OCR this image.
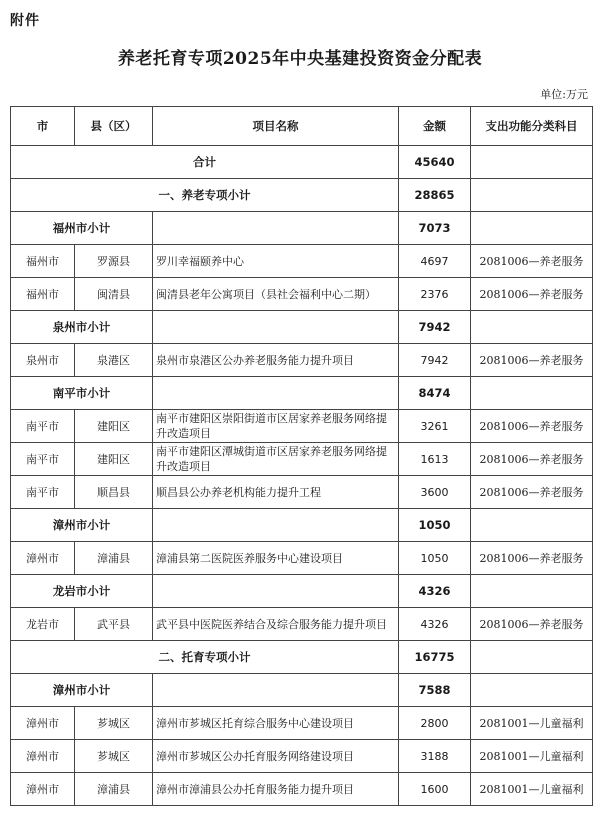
附件
养老托育专项2025年中央基建投资资金分配表
单位:万元
市	县（区）	项目名称	金额	支出功能分类科目
合计			45640	
一、养老专项小计			28865	
福州市小计			7073	
福州市	罗源县	罗川幸福颐养中心	4697	2081006—养老服务
福州市	闽清县	闽清县老年公寓项目（县社会福利中心二期）	2376	2081006—养老服务
泉州市小计			7942	
泉州市	泉港区	泉州市泉港区公办养老服务能力提升项目	7942	2081006—养老服务
南平市小计			8474	
南平市	建阳区	南平市建阳区崇阳街道市区居家养老服务网络提升改造项目	3261	2081006—养老服务
南平市	建阳区	南平市建阳区潭城街道市区居家养老服务网络提升改造项目	1613	2081006—养老服务
南平市	顺昌县	顺昌县公办养老机构能力提升工程	3600	2081006—养老服务
漳州市小计			1050	
漳州市	漳浦县	漳浦县第二医院医养服务中心建设项目	1050	2081006—养老服务
龙岩市小计			4326	
龙岩市	武平县	武平县中医院医养结合及综合服务能力提升项目	4326	2081006—养老服务
二、托育专项小计			16775	
漳州市小计			7588	
漳州市	芗城区	漳州市芗城区托育综合服务中心建设项目	2800	2081001—儿童福利
漳州市	芗城区	漳州市芗城区公办托育服务网络建设项目	3188	2081001—儿童福利
漳州市	漳浦县	漳州市漳浦县公办托育服务能力提升项目	1600	2081001—儿童福利
